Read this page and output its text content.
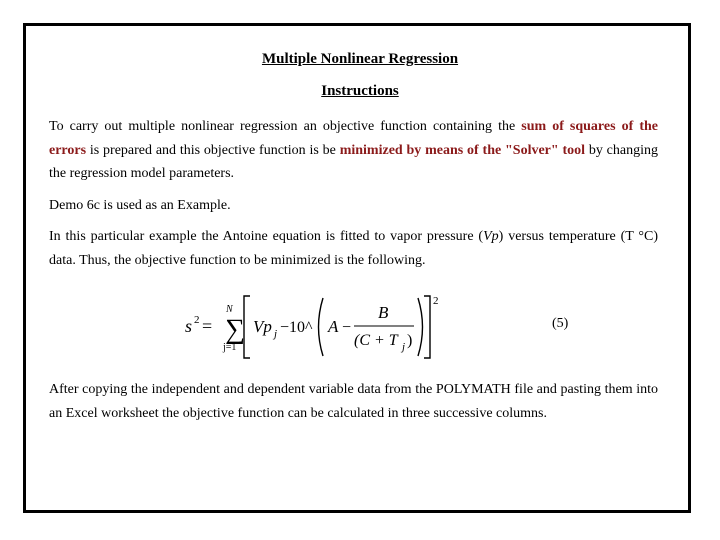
Multiple Nonlinear Regression
Instructions

To carry out multiple nonlinear regression an objective function containing the sum of squares of the errors is prepared and this objective function is be minimized by means of the "Solver" tool by changing the regression model parameters.

Demo 6c is used as an Example.

In this particular example the Antoine equation is fitted to vapor pressure (Vp) versus temperature (T °C) data. Thus, the objective function to be minimized is the following.

s 2 =
N
∑
j=1
Vp j −10^ A −
B
(C + T j )
2

(5)

After copying the independent and dependent variable data from the POLYMATH file and pasting them into an Excel worksheet the objective function can be calculated in three successive columns.
